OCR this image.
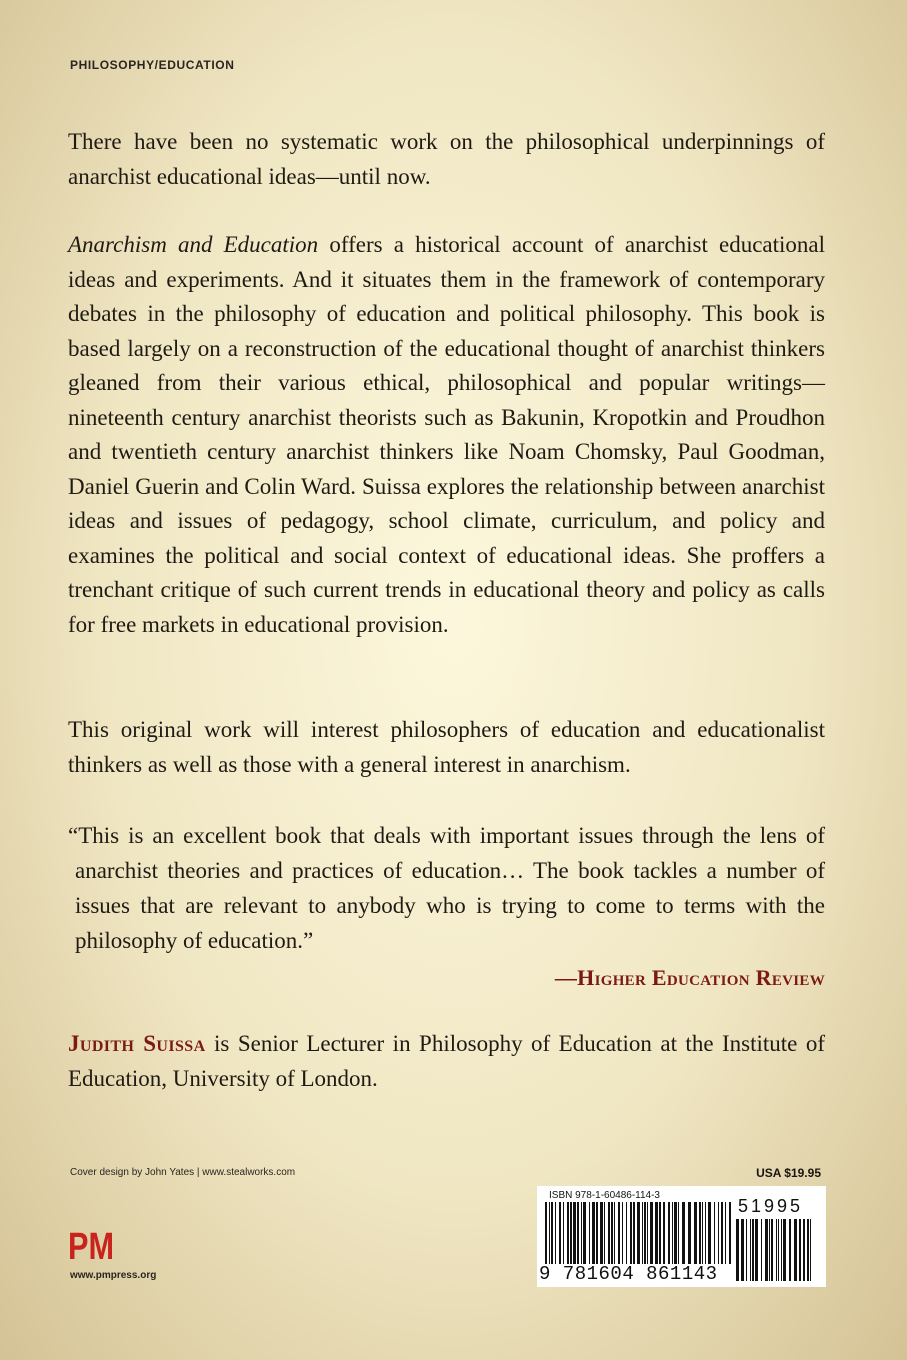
PHILOSOPHY/EDUCATION
There have been no systematic work on the philosophical underpinnings of anarchist educational ideas—until now.
Anarchism and Education offers a historical account of anarchist educational ideas and experiments. And it situates them in the framework of contemporary debates in the philosophy of education and political philosophy. This book is based largely on a reconstruction of the educational thought of anarchist thinkers gleaned from their various ethical, philosophical and popular writings—nineteenth century anarchist theorists such as Bakunin, Kropotkin and Proudhon and twentieth century anarchist thinkers like Noam Chomsky, Paul Goodman, Daniel Guerin and Colin Ward. Suissa explores the relationship between anarchist ideas and issues of pedagogy, school climate, curriculum, and policy and examines the political and social context of educational ideas. She proffers a trenchant critique of such current trends in educational theory and policy as calls for free markets in educational provision.
This original work will interest philosophers of education and educationalist thinkers as well as those with a general interest in anarchism.
“This is an excellent book that deals with important issues through the lens of anarchist theories and practices of education… The book tackles a number of issues that are relevant to anybody who is trying to come to terms with the philosophy of education.”
—Higher Education Review
Judith Suissa is Senior Lecturer in Philosophy of Education at the Institute of Education, University of London.
Cover design by John Yates | www.stealworks.com	USA $19.95
PM
www.pmpress.org
ISBN 978-1-60486-114-3
9 781604 861143
51995
